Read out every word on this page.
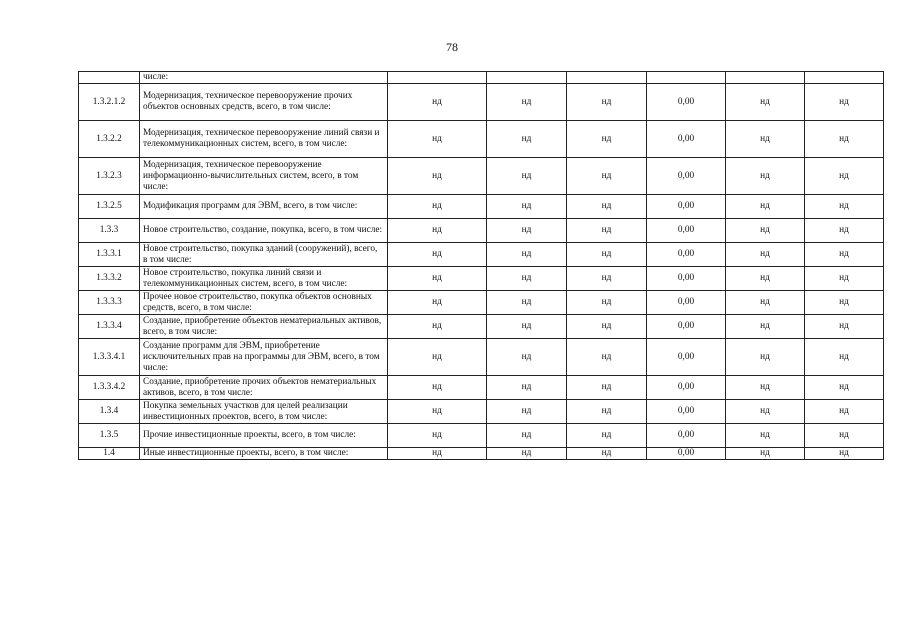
78
	числе:						
1.3.2.1.2	Модернизация, техническое перевооружение прочих объектов основных средств, всего, в том числе:	нд	нд	нд	0,00	нд	нд
1.3.2.2	Модернизация, техническое перевооружение линий связи и телекоммуникационных систем, всего, в том числе:	нд	нд	нд	0,00	нд	нд
1.3.2.3	Модернизация, техническое перевооружение информационно-вычислительных систем, всего, в том числе:	нд	нд	нд	0,00	нд	нд
1.3.2.5	Модификация программ для ЭВМ, всего, в том числе:	нд	нд	нд	0,00	нд	нд
1.3.3	Новое строительство, создание, покупка, всего, в том числе:	нд	нд	нд	0,00	нд	нд
1.3.3.1	Новое строительство, покупка зданий (сооружений), всего, в том числе:	нд	нд	нд	0,00	нд	нд
1.3.3.2	Новое строительство, покупка линий связи и телекоммуникационных систем, всего, в том числе:	нд	нд	нд	0,00	нд	нд
1.3.3.3	Прочее новое строительство, покупка объектов основных средств, всего, в том числе:	нд	нд	нд	0,00	нд	нд
1.3.3.4	Создание, приобретение объектов нематериальных активов, всего, в том числе:	нд	нд	нд	0,00	нд	нд
1.3.3.4.1	Создание программ для ЭВМ, приобретение исключительных прав на программы для ЭВМ, всего, в том числе:	нд	нд	нд	0,00	нд	нд
1.3.3.4.2	Создание, приобретение прочих объектов нематериальных активов, всего, в том числе:	нд	нд	нд	0,00	нд	нд
1.3.4	Покупка земельных участков для целей реализации инвестиционных проектов, всего, в том числе:	нд	нд	нд	0,00	нд	нд
1.3.5	Прочие инвестиционные проекты, всего, в том числе:	нд	нд	нд	0,00	нд	нд
1.4	Иные инвестиционные проекты, всего, в том числе:	нд	нд	нд	0,00	нд	нд
